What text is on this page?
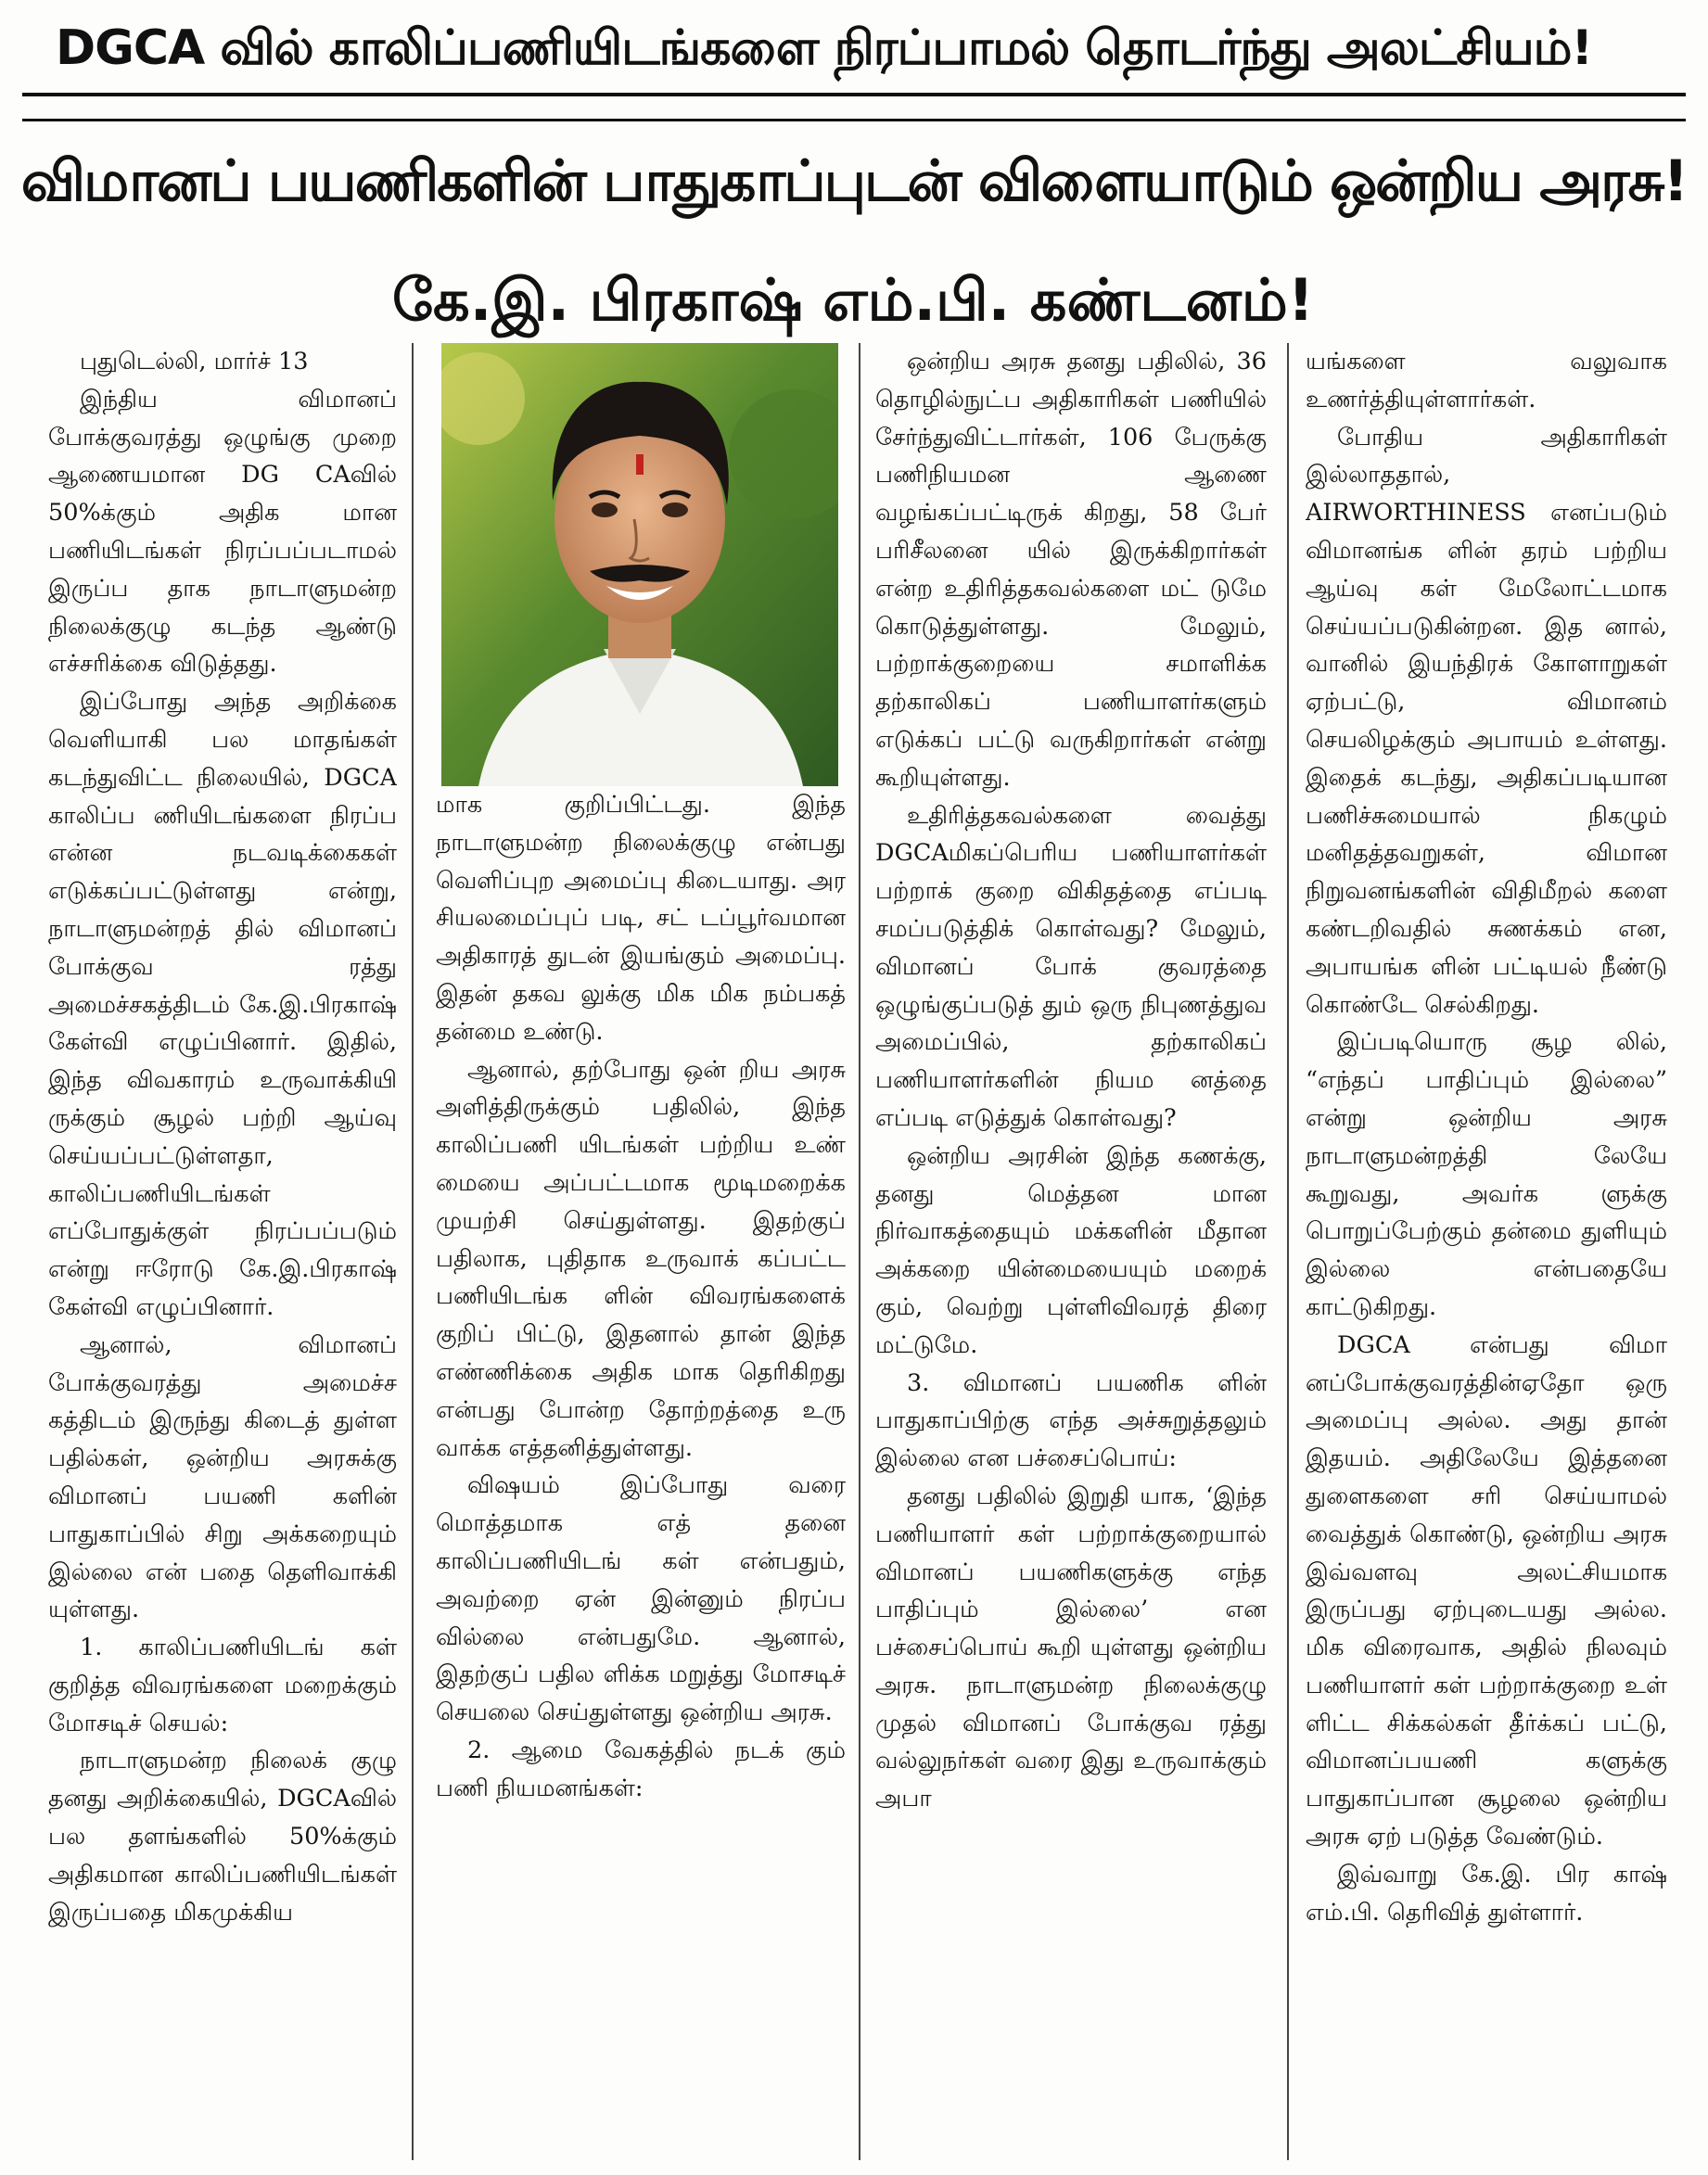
DGCA வில் காலிப்பணியிடங்களை நிரப்பாமல் தொடர்ந்து அலட்சியம்!
விமானப் பயணிகளின் பாதுகாப்புடன் விளையாடும் ஒன்றிய அரசு!
கே.இ. பிரகாஷ் எம்.பி. கண்டனம்!

புதுடெல்லி, மார்ச் 13

இந்திய விமானப் போக்குவரத்து ஒழுங்கு முறை ஆணையமான DG CAவில் 50%க்கும் அதிக மான பணியிடங்கள் நிரப்பப்படாமல் இருப்ப தாக நாடாளுமன்ற நிலைக்குழு கடந்த ஆண்டு எச்சரிக்கை விடுத்தது.

இப்போது அந்த அறிக்கை வெளியாகி பல மாதங்கள் கடந்துவிட்ட நிலையில், DGCA காலிப்ப ணியிடங்களை நிரப்ப என்ன நடவடிக்கைகள் எடுக்கப்பட்டுள்ளது என்று, நாடாளுமன்றத் தில் விமானப் போக்குவ ரத்து அமைச்சகத்திடம் கே.இ.பிரகாஷ் கேள்வி எழுப்பினார். இதில், இந்த விவகாரம் உருவாக்கியி ருக்கும் சூழல் பற்றி ஆய்வு செய்யப்பட்டுள்ளதா, காலிப்பணியிடங்கள் எப்போதுக்குள் நிரப்பப்படும் என்று ஈரோடு கே.இ.பிரகாஷ் கேள்வி எழுப்பினார்.

ஆனால், விமானப் போக்குவரத்து அமைச்ச கத்திடம் இருந்து கிடைத் துள்ள பதில்கள், ஒன்றிய அரசுக்கு விமானப் பயணி களின் பாதுகாப்பில் சிறு அக்கறையும் இல்லை என் பதை தெளிவாக்கி யுள்ளது.

1. காலிப்பணியிடங் கள் குறித்த விவரங்களை மறைக்கும் மோசடிச் செயல்:

நாடாளுமன்ற நிலைக் குழு தனது அறிக்கையில், DGCAவில் பல தளங்களில் 50%க்கும் அதிகமான காலிப்பணியிடங்கள் இருப்பதை மிகமுக்கிய

மாக குறிப்பிட்டது. இந்த நாடாளுமன்ற நிலைக்குழு என்பது வெளிப்புற அமைப்பு கிடையாது. அர சியலமைப்புப் படி, சட் டப்பூர்வமான அதிகாரத் துடன் இயங்கும் அமைப்பு. இதன் தகவ லுக்கு மிக மிக நம்பகத் தன்மை உண்டு.

ஆனால், தற்போது ஒன் றிய அரசு அளித்திருக்கும் பதிலில், இந்த காலிப்பணி யிடங்கள் பற்றிய உண் மையை அப்பட்டமாக மூடிமறைக்க முயற்சி செய்துள்ளது. இதற்குப் பதிலாக, புதிதாக உருவாக் கப்பட்ட பணியிடங்க ளின் விவரங்களைக் குறிப் பிட்டு, இதனால் தான் இந்த எண்ணிக்கை அதிக மாக தெரிகிறது என்பது போன்ற தோற்றத்தை உரு வாக்க எத்தனித்துள்ளது.

விஷயம் இப்போது வரை மொத்தமாக எத் தனை காலிப்பணியிடங் கள் என்பதும், அவற்றை ஏன் இன்னும் நிரப்ப வில்லை என்பதுமே. ஆனால், இதற்குப் பதில ளிக்க மறுத்து மோசடிச் செயலை செய்துள்ளது ஒன்றிய அரசு.

2. ஆமை வேகத்தில் நடக் கும் பணி நியமனங்கள்:

ஒன்றிய அரசு தனது பதிலில், 36 தொழில்நுட்ப அதிகாரிகள் பணியில் சேர்ந்துவிட்டார்கள், 106 பேருக்கு பணிநியமன ஆணை வழங்கப்பட்டிருக் கிறது, 58 பேர் பரிசீலனை யில் இருக்கிறார்கள் என்ற உதிரித்தகவல்களை மட் டுமே கொடுத்துள்ளது. மேலும், பற்றாக்குறையை சமாளிக்க தற்காலிகப் பணியாளர்களும் எடுக்கப் பட்டு வருகிறார்கள் என்று கூறியுள்ளது.

உதிரித்தகவல்களை வைத்து DGCAமிகப்பெரிய பணியாளர்கள் பற்றாக் குறை விகிதத்தை எப்படி சமப்படுத்திக் கொள்வது? மேலும், விமானப் போக் குவரத்தை ஒழுங்குப்படுத் தும் ஒரு நிபுணத்துவ அமைப்பில், தற்காலிகப் பணியாளர்களின் நியம னத்தை எப்படி எடுத்துக் கொள்வது?

ஒன்றிய அரசின் இந்த கணக்கு, தனது மெத்தன மான நிர்வாகத்தையும் மக்களின் மீதான அக்கறை யின்மையையும் மறைக் கும், வெற்று புள்ளிவிவரத் திரை மட்டுமே.

3. விமானப் பயணிக ளின் பாதுகாப்பிற்கு எந்த அச்சுறுத்தலும் இல்லை என பச்சைப்பொய்:

தனது பதிலில் இறுதி யாக, ‘இந்த பணியாளர் கள் பற்றாக்குறையால் விமானப் பயணிகளுக்கு எந்த பாதிப்பும் இல்லை’ என பச்சைப்பொய் கூறி யுள்ளது ஒன்றிய அரசு. நாடாளுமன்ற நிலைக்குழு முதல் விமானப் போக்குவ ரத்து வல்லுநர்கள் வரை இது உருவாக்கும் அபா

யங்களை வலுவாக உணர்த்தியுள்ளார்கள்.

போதிய அதிகாரிகள் இல்லாததால், AIRWORTHINESS எனப்படும் விமானங்க ளின் தரம் பற்றிய ஆய்வு கள் மேலோட்டமாக செய்யப்படுகின்றன. இத னால், வானில் இயந்திரக் கோளாறுகள் ஏற்பட்டு, விமானம் செயலிழக்கும் அபாயம் உள்ளது. இதைக் கடந்து, அதிகப்படியான பணிச்சுமையால் நிகழும் மனிதத்தவறுகள், விமான நிறுவனங்களின் விதிமீறல் களை கண்டறிவதில் சுணக்கம் என, அபாயங்க ளின் பட்டியல் நீண்டு கொண்டே செல்கிறது.

இப்படியொரு சூழ லில், “எந்தப் பாதிப்பும் இல்லை” என்று ஒன்றிய அரசு நாடாளுமன்றத்தி லேயே கூறுவது, அவர்க ளுக்கு பொறுப்பேற்கும் தன்மை துளியும் இல்லை என்பதையே காட்டுகிறது.

DGCA என்பது விமா னப்போக்குவரத்தின்ஏதோ ஒரு அமைப்பு அல்ல. அது தான் இதயம். அதிலேயே இத்தனை துளைகளை சரி செய்யாமல் வைத்துக் கொண்டு, ஒன்றிய அரசு இவ்வளவு அலட்சியமாக இருப்பது ஏற்புடையது அல்ல. மிக விரைவாக, அதில் நிலவும் பணியாளர் கள் பற்றாக்குறை உள் ளிட்ட சிக்கல்கள் தீர்க்கப் பட்டு, விமானப்பயணி களுக்கு பாதுகாப்பான சூழலை ஒன்றிய அரசு ஏற் படுத்த வேண்டும்.

இவ்வாறு கே.இ. பிர காஷ் எம்.பி. தெரிவித் துள்ளார்.
